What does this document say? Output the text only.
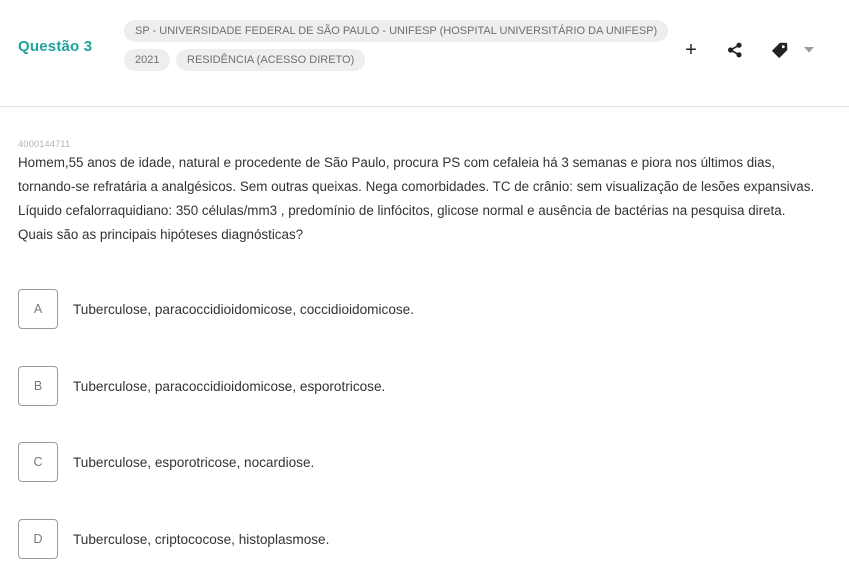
Questão 3
SP - UNIVERSIDADE FEDERAL DE SÃO PAULO - UNIFESP (HOSPITAL UNIVERSITÁRIO DA UNIFESP)
2021	RESIDÊNCIA (ACESSO DIRETO)	+
4000144711

Homem,55 anos de idade, natural e procedente de São Paulo, procura PS com cefaleia há 3 semanas e piora nos últimos dias,

tornando-se refratária a analgésicos. Sem outras queixas. Nega comorbidades. TC de crânio: sem visualização de lesões expansivas.

Líquido cefalorraquidiano: 350 células/mm3 , predomínio de linfócitos, glicose normal e ausência de bactérias na pesquisa direta.

Quais são as principais hipóteses diagnósticas?

A	Tuberculose, paracoccidioidomicose, coccidioidomicose.
B	Tuberculose, paracoccidioidomicose, esporotricose.
C	Tuberculose, esporotricose, nocardiose.
D	Tuberculose, criptococose, histoplasmose.
